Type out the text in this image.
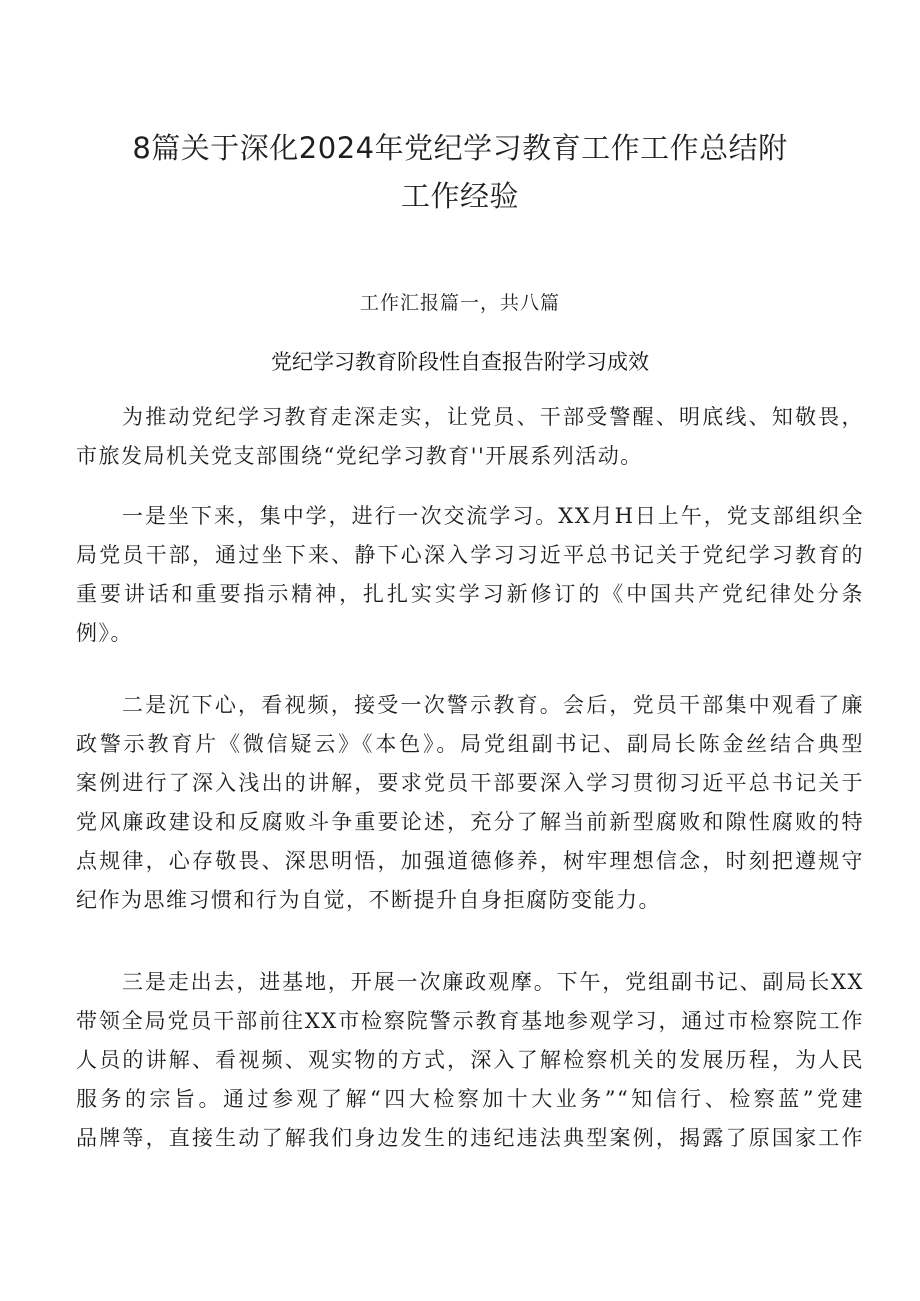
8篇关于深化2024年党纪学习教育工作工作总结附
工作经验
工作汇报篇一，共八篇
党纪学习教育阶段性自查报告附学习成效
为推动党纪学习教育走深走实，让党员、干部受警醒、明底线、知敬畏，
市旅发局机关党支部围绕“党纪学习教育''开展系列活动。
一是坐下来，集中学，进行一次交流学习。XX月H日上午，党支部组织全
局党员干部，通过坐下来、静下心深入学习习近平总书记关于党纪学习教育的
重要讲话和重要指示精神，扎扎实实学习新修订的《中国共产党纪律处分条
例》。
二是沉下心，看视频，接受一次警示教育。会后，党员干部集中观看了廉
政警示教育片《微信疑云》《本色》。局党组副书记、副局长陈金丝结合典型
案例进行了深入浅出的讲解，要求党员干部要深入学习贯彻习近平总书记关于
党风廉政建设和反腐败斗争重要论述，充分了解当前新型腐败和隙性腐败的特
点规律，心存敬畏、深思明悟，加强道德修养，树牢理想信念，时刻把遵规守
纪作为思维习惯和行为自觉，不断提升自身拒腐防变能力。
三是走出去，进基地，开展一次廉政观摩。下午，党组副书记、副局长XX
带领全局党员干部前往XX市检察院警示教育基地参观学习，通过市检察院工作
人员的讲解、看视频、观实物的方式，深入了解检察机关的发展历程，为人民
服务的宗旨。通过参观了解“四大检察加十大业务”“知信行、检察蓝”党建
品牌等，直接生动了解我们身边发生的违纪违法典型案例，揭露了原国家工作
